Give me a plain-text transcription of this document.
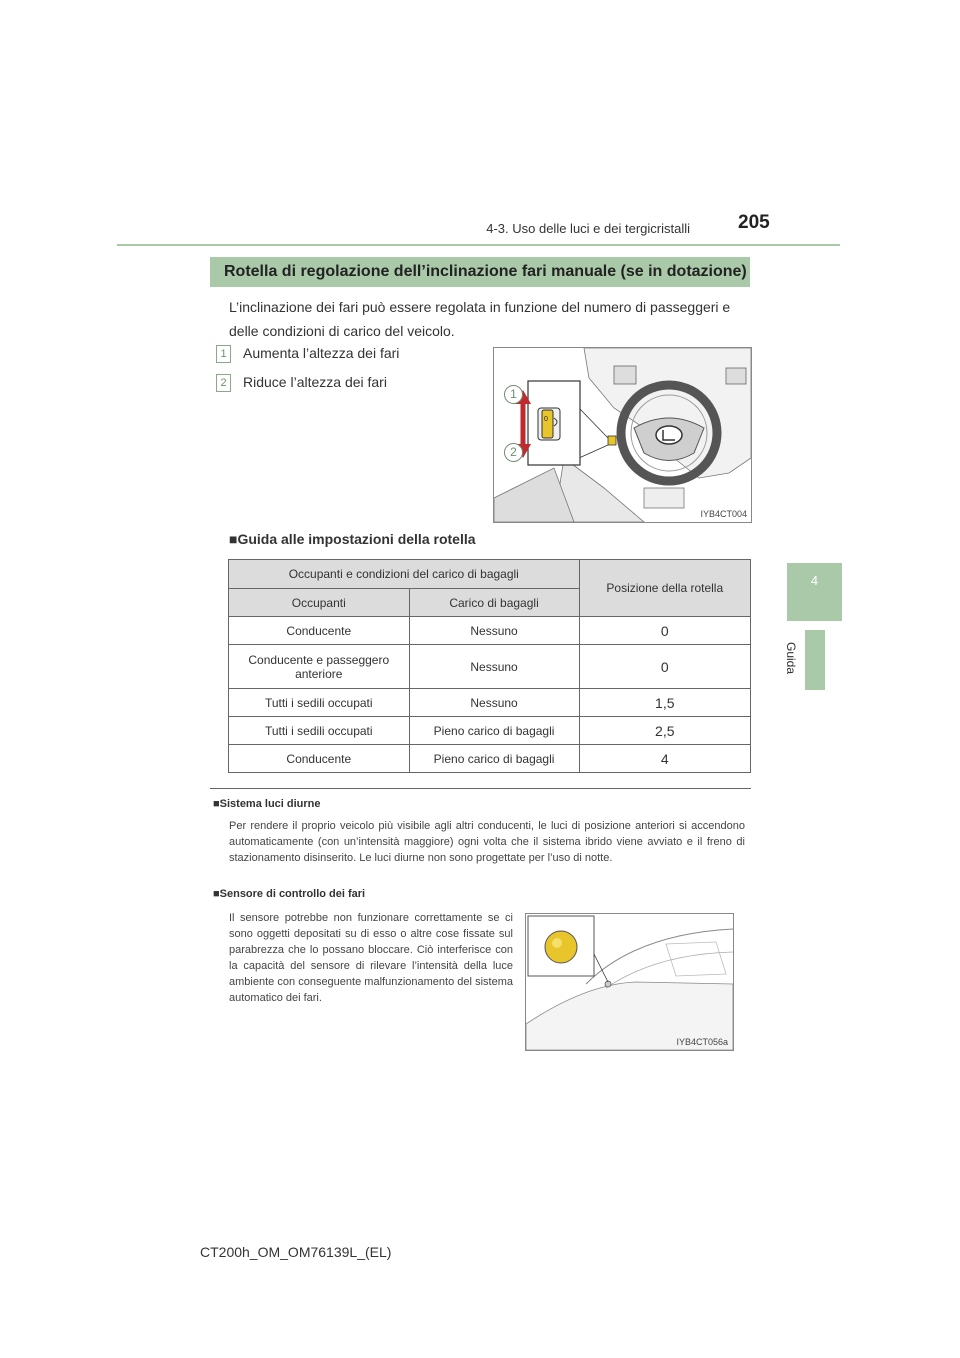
4-3. Uso delle luci e dei tergicristalli	205
4
Guida
Rotella di regolazione dell’inclinazione fari manuale (se in dotazione)
L’inclinazione dei fari può essere regolata in funzione del numero di passeggeri e delle condizioni di carico del veicolo.
1	Aumenta l’altezza dei fari
2	Riduce l’altezza dei fari
0
1
2
IYB4CT004
■Guida alle impostazioni della rotella
Occupanti e condizioni del carico di bagagli		Posizione della rotella
Occupanti	Carico di bagagli	
Conducente	Nessuno	0
Conducente e passeggero anteriore	Nessuno	0
Tutti i sedili occupati	Nessuno	1,5
Tutti i sedili occupati	Pieno carico di bagagli	2,5
Conducente	Pieno carico di bagagli	4
■Sistema luci diurne
Per rendere il proprio veicolo più visibile agli altri conducenti, le luci di posizione anteriori si accendono automaticamente (con un’intensità maggiore) ogni volta che il sistema ibrido viene avviato e il freno di stazionamento disinserito. Le luci diurne non sono progettate per l’uso di notte.
■Sensore di controllo dei fari
Il sensore potrebbe non funzionare correttamente se ci sono oggetti depositati su di esso o altre cose fissate sul parabrezza che lo possano bloccare. Ciò interferisce con la capacità del sensore di rilevare l’intensità della luce ambiente con conseguente malfunzionamento del sistema automatico dei fari.
IYB4CT056a
CT200h_OM_OM76139L_(EL)
